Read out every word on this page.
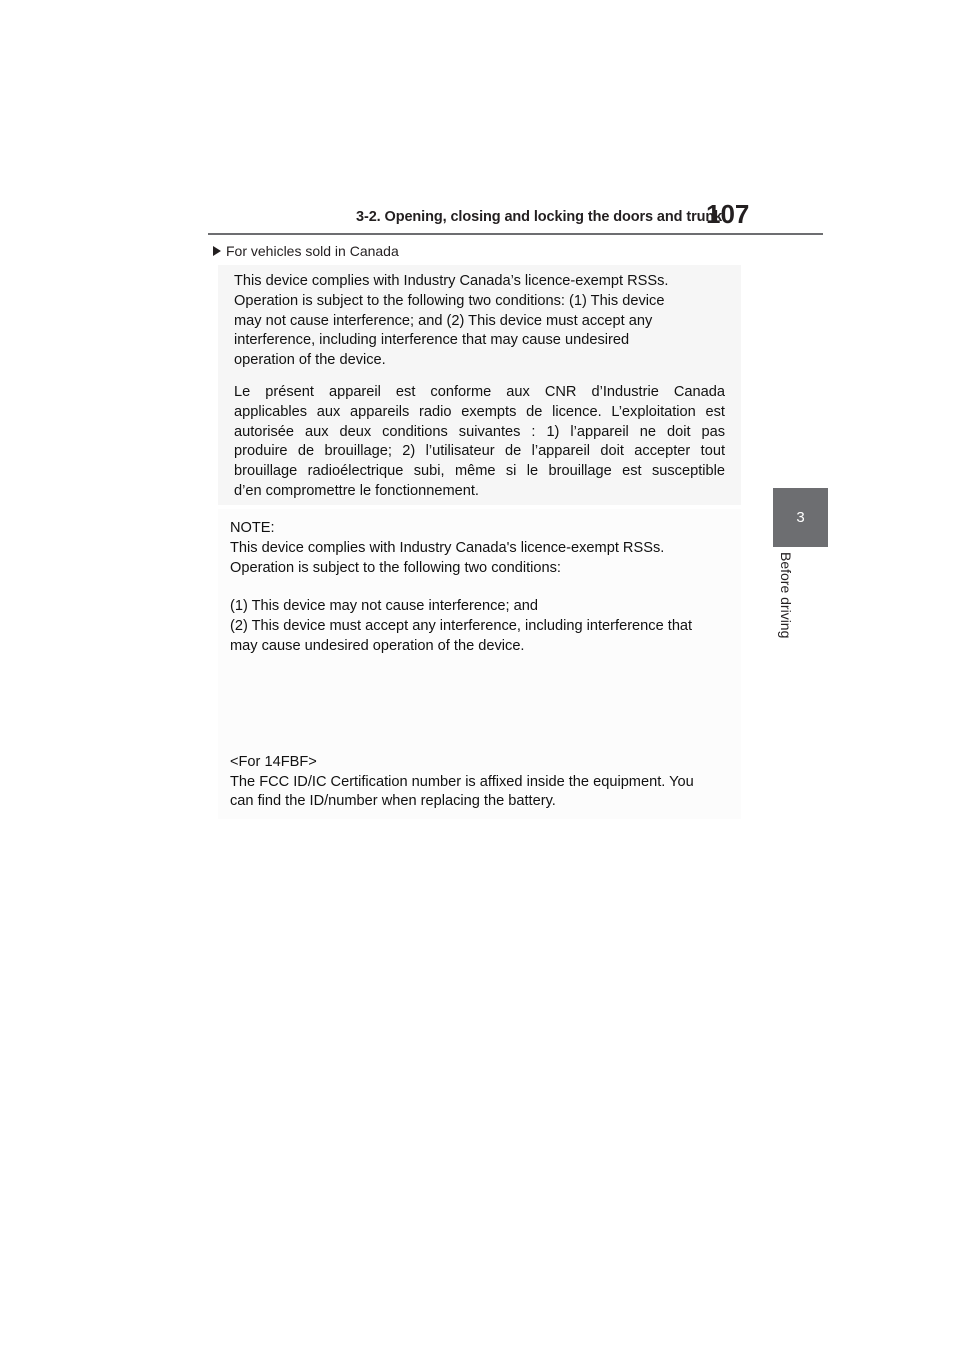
3-2. Opening, closing and locking the doors and trunk
107
3
Before driving
For vehicles sold in Canada

This device complies with Industry Canada’s licence-exempt RSSs.
Operation is subject to the following two conditions: (1) This device
may not cause interference; and (2) This device must accept any
interference, including interference that may cause undesired
operation of the device.

Le présent appareil est conforme aux CNR d’Industrie Canada
applicables aux appareils radio exempts de licence. L’exploitation est
autorisée aux deux conditions suivantes : 1) l’appareil ne doit pas
produire de brouillage; 2) l’utilisateur de l’appareil doit accepter tout
brouillage radioélectrique subi, même si le brouillage est susceptible
d’en compromettre le fonctionnement.

NOTE:
This device complies with Industry Canada's licence-exempt RSSs.
Operation is subject to the following two conditions:

(1) This device may not cause interference; and
(2) This device must accept any interference, including interference that
may cause undesired operation of the device.

<For 14FBF>
The FCC ID/IC Certification number is affixed inside the equipment. You
can find the ID/number when replacing the battery.
